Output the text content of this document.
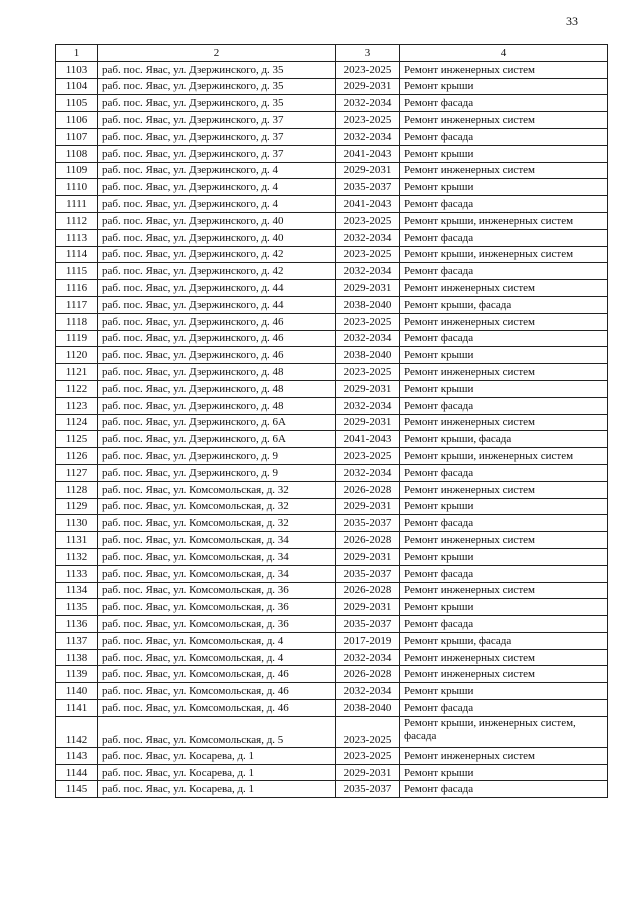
33
1	2	3	4
1103	раб. пос. Явас, ул. Дзержинского, д. 35	2023-2025	Ремонт инженерных систем
1104	раб. пос. Явас, ул. Дзержинского, д. 35	2029-2031	Ремонт крыши
1105	раб. пос. Явас, ул. Дзержинского, д. 35	2032-2034	Ремонт фасада
1106	раб. пос. Явас, ул. Дзержинского, д. 37	2023-2025	Ремонт инженерных систем
1107	раб. пос. Явас, ул. Дзержинского, д. 37	2032-2034	Ремонт фасада
1108	раб. пос. Явас, ул. Дзержинского, д. 37	2041-2043	Ремонт крыши
1109	раб. пос. Явас, ул. Дзержинского, д. 4	2029-2031	Ремонт инженерных систем
1110	раб. пос. Явас, ул. Дзержинского, д. 4	2035-2037	Ремонт крыши
1111	раб. пос. Явас, ул. Дзержинского, д. 4	2041-2043	Ремонт фасада
1112	раб. пос. Явас, ул. Дзержинского, д. 40	2023-2025	Ремонт крыши, инженерных систем
1113	раб. пос. Явас, ул. Дзержинского, д. 40	2032-2034	Ремонт фасада
1114	раб. пос. Явас, ул. Дзержинского, д. 42	2023-2025	Ремонт крыши, инженерных систем
1115	раб. пос. Явас, ул. Дзержинского, д. 42	2032-2034	Ремонт фасада
1116	раб. пос. Явас, ул. Дзержинского, д. 44	2029-2031	Ремонт инженерных систем
1117	раб. пос. Явас, ул. Дзержинского, д. 44	2038-2040	Ремонт крыши, фасада
1118	раб. пос. Явас, ул. Дзержинского, д. 46	2023-2025	Ремонт инженерных систем
1119	раб. пос. Явас, ул. Дзержинского, д. 46	2032-2034	Ремонт фасада
1120	раб. пос. Явас, ул. Дзержинского, д. 46	2038-2040	Ремонт крыши
1121	раб. пос. Явас, ул. Дзержинского, д. 48	2023-2025	Ремонт инженерных систем
1122	раб. пос. Явас, ул. Дзержинского, д. 48	2029-2031	Ремонт крыши
1123	раб. пос. Явас, ул. Дзержинского, д. 48	2032-2034	Ремонт фасада
1124	раб. пос. Явас, ул. Дзержинского, д. 6А	2029-2031	Ремонт инженерных систем
1125	раб. пос. Явас, ул. Дзержинского, д. 6А	2041-2043	Ремонт крыши, фасада
1126	раб. пос. Явас, ул. Дзержинского, д. 9	2023-2025	Ремонт крыши, инженерных систем
1127	раб. пос. Явас, ул. Дзержинского, д. 9	2032-2034	Ремонт фасада
1128	раб. пос. Явас, ул. Комсомольская, д. 32	2026-2028	Ремонт инженерных систем
1129	раб. пос. Явас, ул. Комсомольская, д. 32	2029-2031	Ремонт крыши
1130	раб. пос. Явас, ул. Комсомольская, д. 32	2035-2037	Ремонт фасада
1131	раб. пос. Явас, ул. Комсомольская, д. 34	2026-2028	Ремонт инженерных систем
1132	раб. пос. Явас, ул. Комсомольская, д. 34	2029-2031	Ремонт крыши
1133	раб. пос. Явас, ул. Комсомольская, д. 34	2035-2037	Ремонт фасада
1134	раб. пос. Явас, ул. Комсомольская, д. 36	2026-2028	Ремонт инженерных систем
1135	раб. пос. Явас, ул. Комсомольская, д. 36	2029-2031	Ремонт крыши
1136	раб. пос. Явас, ул. Комсомольская, д. 36	2035-2037	Ремонт фасада
1137	раб. пос. Явас, ул. Комсомольская, д. 4	2017-2019	Ремонт крыши, фасада
1138	раб. пос. Явас, ул. Комсомольская, д. 4	2032-2034	Ремонт инженерных систем
1139	раб. пос. Явас, ул. Комсомольская, д. 46	2026-2028	Ремонт инженерных систем
1140	раб. пос. Явас, ул. Комсомольская, д. 46	2032-2034	Ремонт крыши
1141	раб. пос. Явас, ул. Комсомольская, д. 46	2038-2040	Ремонт фасада
1142	раб. пос. Явас, ул. Комсомольская, д. 5	2023-2025	Ремонт крыши, инженерных систем, фасада
1143	раб. пос. Явас, ул. Косарева, д. 1	2023-2025	Ремонт инженерных систем
1144	раб. пос. Явас, ул. Косарева, д. 1	2029-2031	Ремонт крыши
1145	раб. пос. Явас, ул. Косарева, д. 1	2035-2037	Ремонт фасада
